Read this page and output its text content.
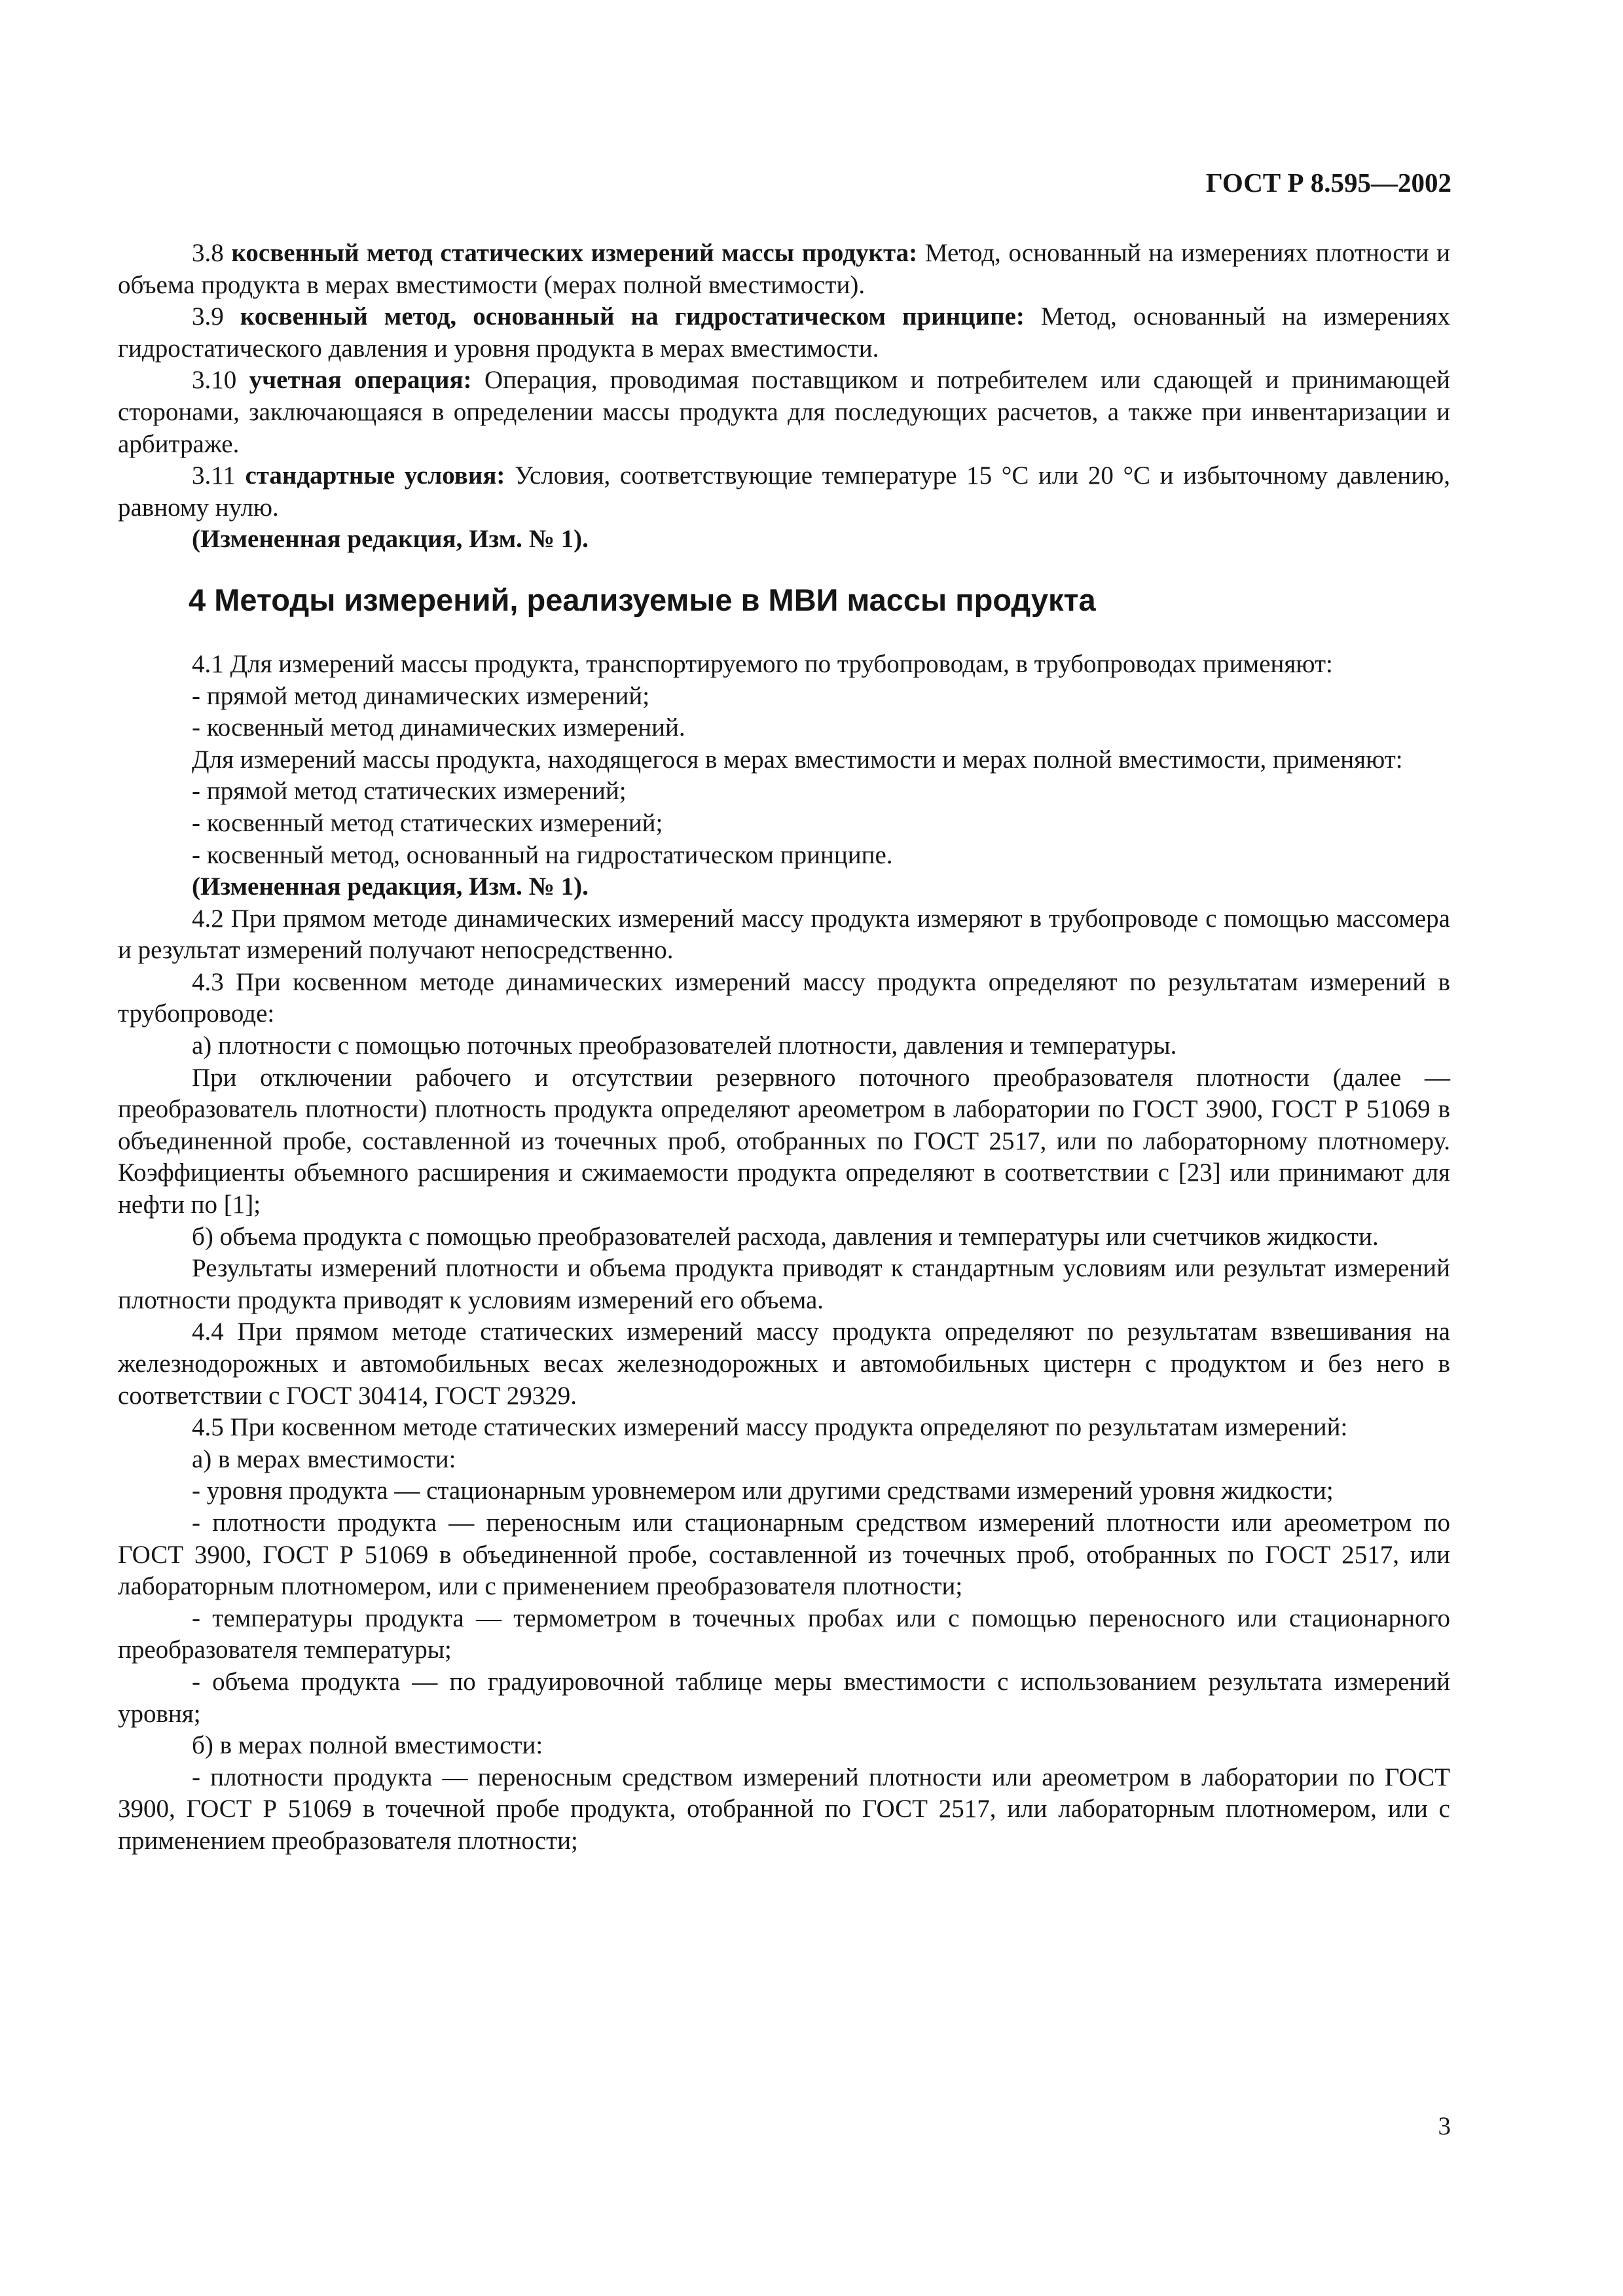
ГОСТ Р 8.595—2002

3.8 косвенный метод статических измерений массы продукта: Метод, основанный на измерениях плотности и объема продукта в мерах вместимости (мерах полной вместимости).

3.9 косвенный метод, основанный на гидростатическом принципе: Метод, основанный на измерениях гидростатического давления и уровня продукта в мерах вместимости.

3.10 учетная операция: Операция, проводимая поставщиком и потребителем или сдающей и принимающей сторонами, заключающаяся в определении массы продукта для последующих расчетов, а также при инвентаризации и арбитраже.

3.11 стандартные условия: Условия, соответствующие температуре 15 °С или 20 °С и избыточному давлению, равному нулю.

(Измененная редакция, Изм. № 1).

4 Методы измерений, реализуемые в МВИ массы продукта

4.1 Для измерений массы продукта, транспортируемого по трубопроводам, в трубопроводах применяют:

- прямой метод динамических измерений;

- косвенный метод динамических измерений.

Для измерений массы продукта, находящегося в мерах вместимости и мерах полной вместимости, применяют:

- прямой метод статических измерений;

- косвенный метод статических измерений;

- косвенный метод, основанный на гидростатическом принципе.

(Измененная редакция, Изм. № 1).

4.2 При прямом методе динамических измерений массу продукта измеряют в трубопроводе с помощью массомера и результат измерений получают непосредственно.

4.3 При косвенном методе динамических измерений массу продукта определяют по результатам измерений в трубопроводе:

а) плотности с помощью поточных преобразователей плотности, давления и температуры.

При отключении рабочего и отсутствии резервного поточного преобразователя плотности (далее — преобразователь плотности) плотность продукта определяют ареометром в лаборатории по ГОСТ 3900, ГОСТ Р 51069 в объединенной пробе, составленной из точечных проб, отобранных по ГОСТ 2517, или по лабораторному плотномеру. Коэффициенты объемного расширения и сжимаемости продукта определяют в соответствии с [23] или принимают для нефти по [1];

б) объема продукта с помощью преобразователей расхода, давления и температуры или счетчиков жидкости.

Результаты измерений плотности и объема продукта приводят к стандартным условиям или результат измерений плотности продукта приводят к условиям измерений его объема.

4.4 При прямом методе статических измерений массу продукта определяют по результатам взвешивания на железнодорожных и автомобильных весах железнодорожных и автомобильных цистерн с продуктом и без него в соответствии с ГОСТ 30414, ГОСТ 29329.

4.5 При косвенном методе статических измерений массу продукта определяют по результатам измерений:

а) в мерах вместимости:

- уровня продукта — стационарным уровнемером или другими средствами измерений уровня жидкости;

- плотности продукта — переносным или стационарным средством измерений плотности или ареометром по ГОСТ 3900, ГОСТ Р 51069 в объединенной пробе, составленной из точечных проб, отобранных по ГОСТ 2517, или лабораторным плотномером, или с применением преобразователя плотности;

- температуры продукта — термометром в точечных пробах или с помощью переносного или стационарного преобразователя температуры;

- объема продукта — по градуировочной таблице меры вместимости с использованием результата измерений уровня;

б) в мерах полной вместимости:

- плотности продукта — переносным средством измерений плотности или ареометром в лаборатории по ГОСТ 3900, ГОСТ Р 51069 в точечной пробе продукта, отобранной по ГОСТ 2517, или лабораторным плотномером, или с применением преобразователя плотности;

3
